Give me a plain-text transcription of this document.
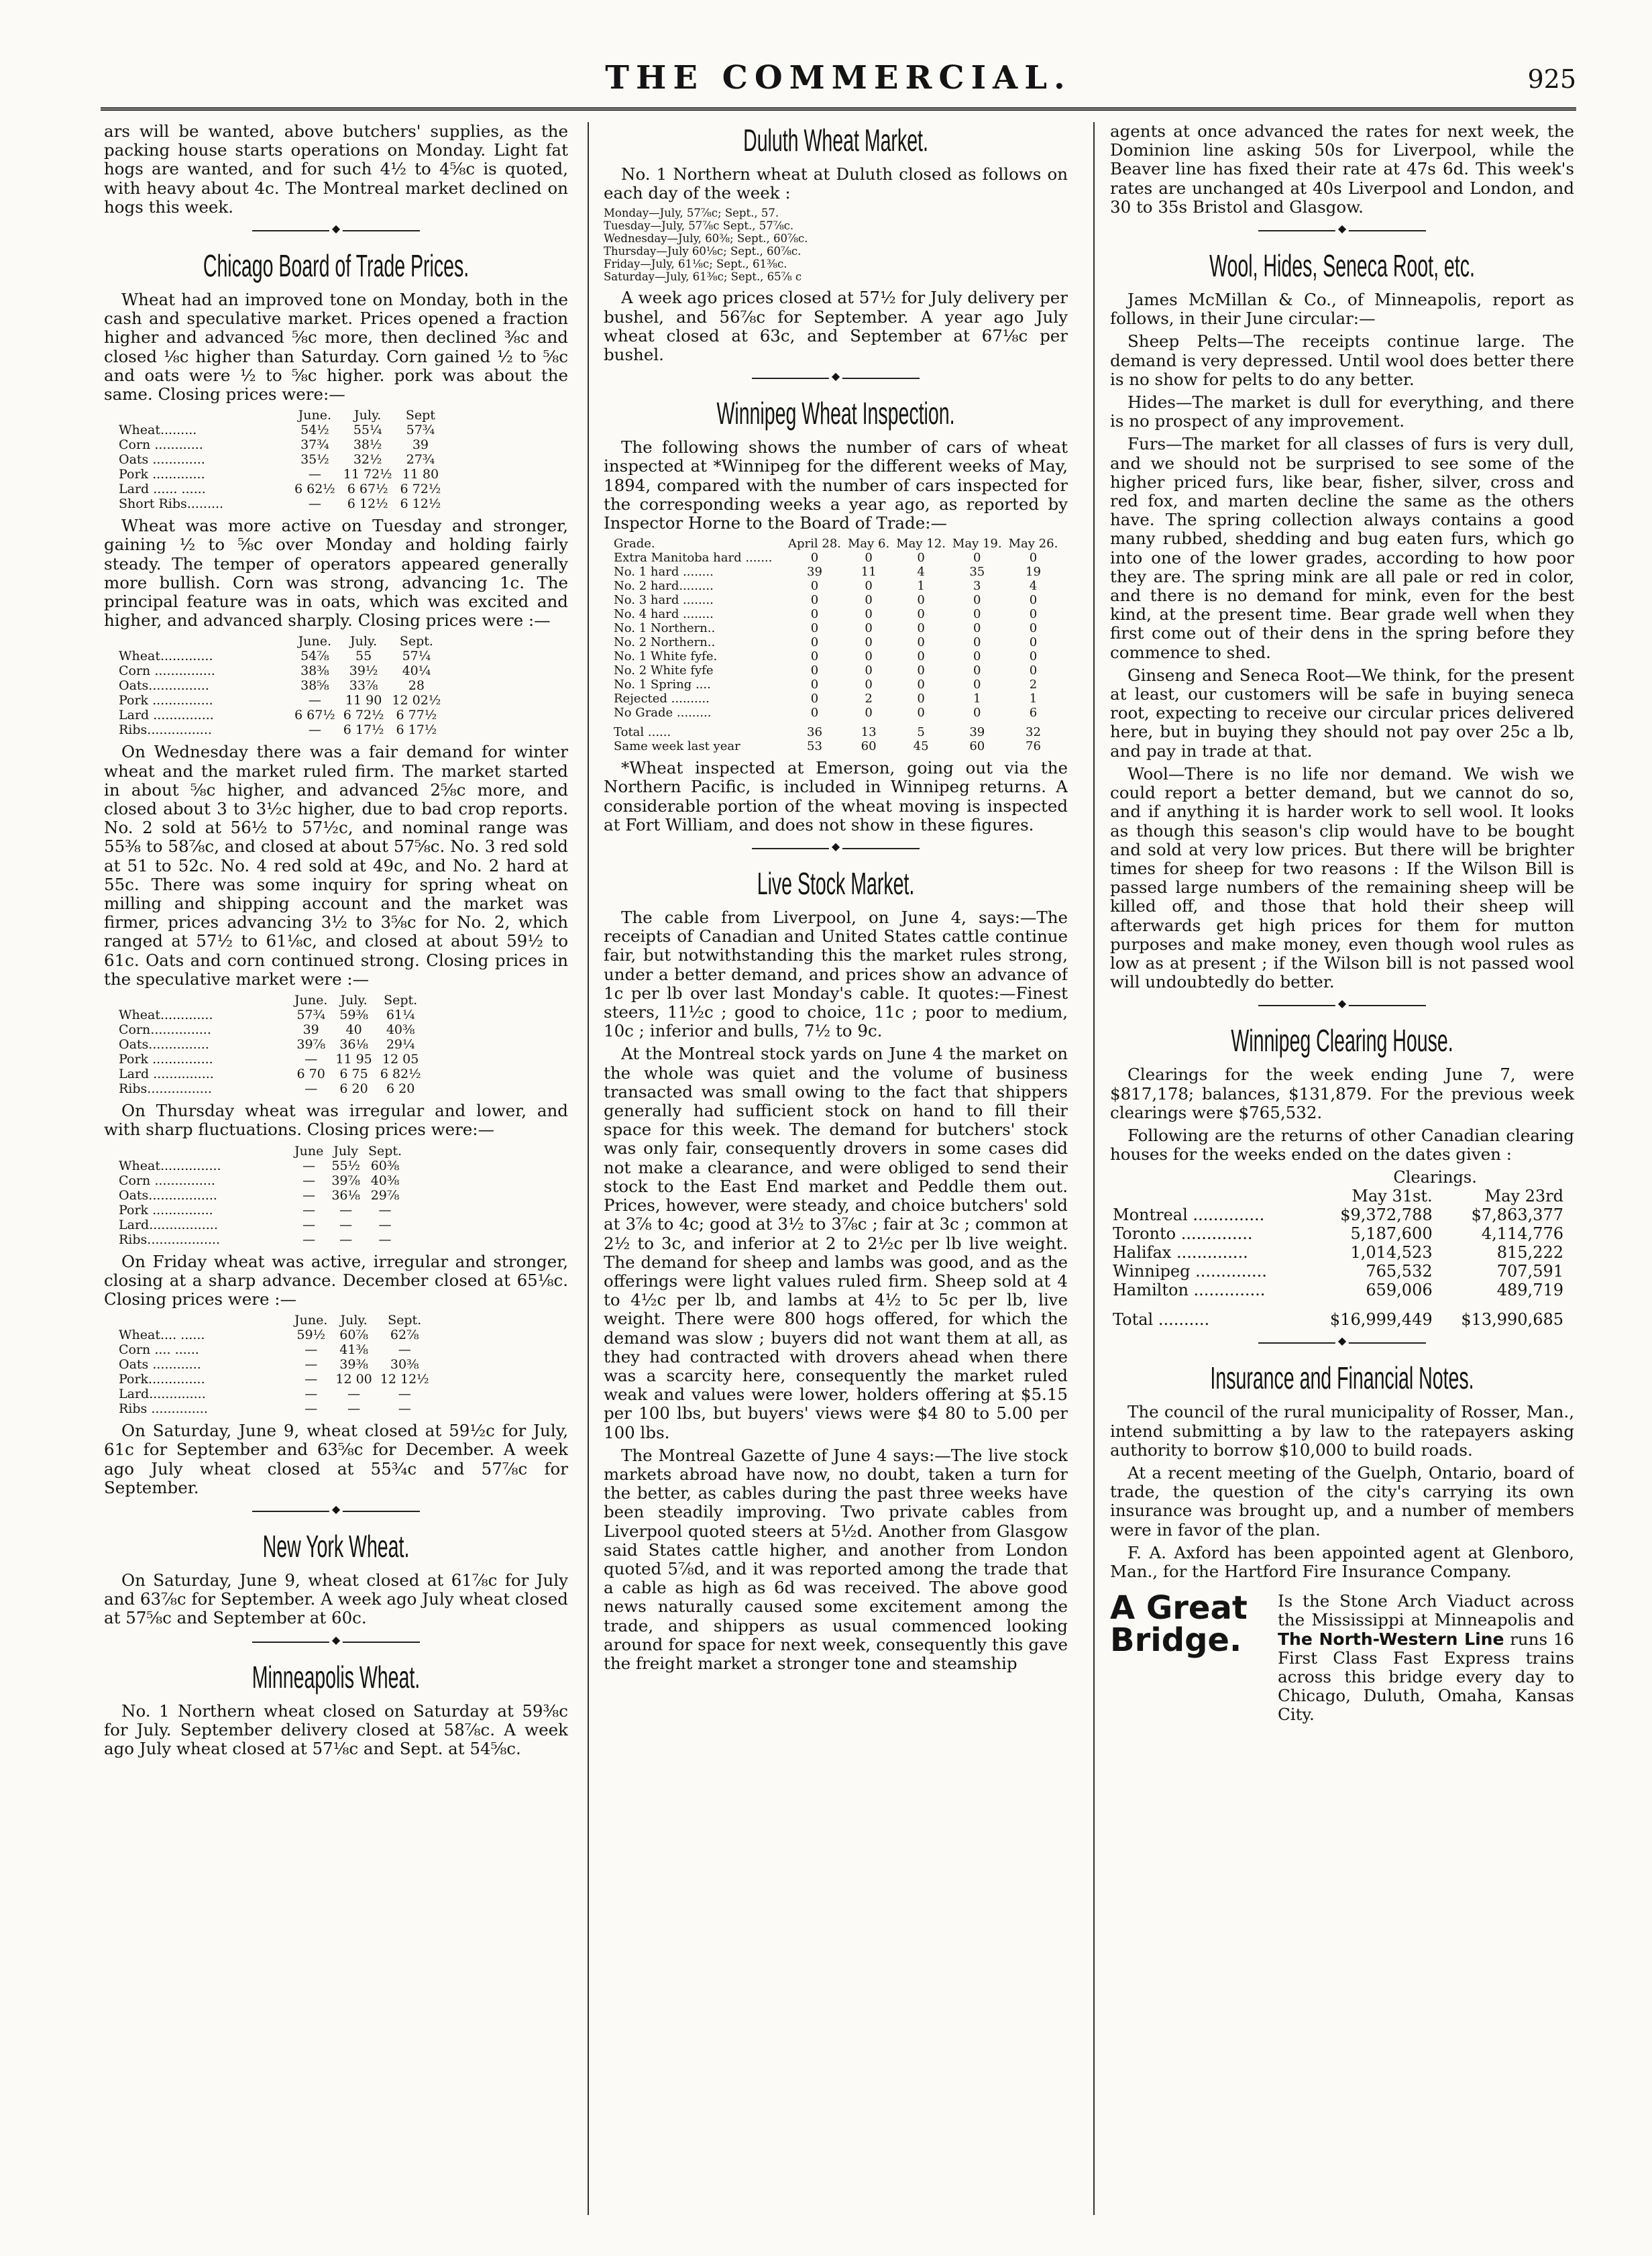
THE COMMERCIAL.	925

ars will be wanted, above butchers' supplies, as the packing house starts operations on Monday. Light fat hogs are wanted, and for such 4½ to 4⅝c is quoted, with heavy about 4c. The Montreal market declined on hogs this week.

◆
Chicago Board of Trade Prices.

Wheat had an improved tone on Monday, both in the cash and speculative market. Prices opened a fraction higher and advanced ⅝c more, then declined ⅜c and closed ⅛c higher than Saturday. Corn gained ½ to ⅝c and oats were ½ to ⅝c higher. pork was about the same. Closing prices were:—

	June.	July.	Sept
Wheat.........	54½	55¼	57¾
Corn ............	37¾	38½	39
Oats .............	35½	32½	27¾
Pork .............	—	11 72½	11 80
Lard ...... ......	6 62½	6 67½	6 72½
Short Ribs.........	—	6 12½	6 12½

Wheat was more active on Tuesday and stronger, gaining ½ to ⅝c over Monday and holding fairly steady. The temper of operators appeared generally more bullish. Corn was strong, advancing 1c. The principal feature was in oats, which was excited and higher, and advanced sharply. Closing prices were :—

	June.	July.	Sept.
Wheat.............	54⅞	55	57¼
Corn ...............	38⅜	39½	40¼
Oats...............	38⅝	33⅞	28
Pork ...............	—	11 90	12 02½
Lard ...............	6 67½	6 72½	6 77½
Ribs................	—	6 17½	6 17½

On Wednesday there was a fair demand for winter wheat and the market ruled firm. The market started in about ⅝c higher, and advanced 2⅝c more, and closed about 3 to 3½c higher, due to bad crop reports. No. 2 sold at 56½ to 57½c, and nominal range was 55⅜ to 58⅞c, and closed at about 57⅝c. No. 3 red sold at 51 to 52c. No. 4 red sold at 49c, and No. 2 hard at 55c. There was some inquiry for spring wheat on milling and shipping account and the market was firmer, prices advancing 3½ to 3⅝c for No. 2, which ranged at 57½ to 61⅛c, and closed at about 59½ to 61c. Oats and corn continued strong. Closing prices in the speculative market were :—

	June.	July.	Sept.
Wheat.............	57¾	59⅜	61¼
Corn...............	39	40	40⅜
Oats...............	39⅞	36⅛	29¼
Pork ...............	—	11 95	12 05
Lard ...............	6 70	6 75	6 82½
Ribs................	—	6 20	6 20

On Thursday wheat was irregular and lower, and with sharp fluctuations. Closing prices were:—

	June	July	Sept.
Wheat...............	—	55½	60⅜
Corn ...............	—	39⅞	40⅜
Oats.................	—	36⅛	29⅞
Pork ...............	—	—	—
Lard.................	—	—	—
Ribs..................	—	—	—

On Friday wheat was active, irregular and stronger, closing at a sharp advance. December closed at 65⅛c. Closing prices were :—

	June.	July.	Sept.
Wheat.... ......	59½	60⅞	62⅞
Corn .... ......	—	41⅜	—
Oats ............	—	39⅜	30⅜
Pork..............	—	12 00	12 12½
Lard..............	—	—	—
Ribs ..............	—	—	—

On Saturday, June 9, wheat closed at 59½c for July, 61c for September and 63⅝c for December. A week ago July wheat closed at 55¾c and 57⅞c for September.

◆
New York Wheat.

On Saturday, June 9, wheat closed at 61⅞c for July and 63⅞c for September. A week ago July wheat closed at 57⅝c and September at 60c.

◆
Minneapolis Wheat.

No. 1 Northern wheat closed on Saturday at 59⅜c for July. September delivery closed at 58⅞c. A week ago July wheat closed at 57⅛c and Sept. at 54⅝c.

Duluth Wheat Market.

No. 1 Northern wheat at Duluth closed as follows on each day of the week :

Monday—July, 57⅞c; Sept., 57.
Tuesday—July, 57⅞c Sept., 57⅞c.
Wednesday—July, 60⅜; Sept., 60⅞c.
Thursday—July 60⅛c; Sept., 60⅞c.
Friday—July, 61⅛c; Sept., 61⅜c.
Saturday—July, 61⅜c; Sept., 65⅞ c

A week ago prices closed at 57½ for July delivery per bushel, and 56⅞c for September. A year ago July wheat closed at 63c, and September at 67⅛c per bushel.

◆
Winnipeg Wheat Inspection.

The following shows the number of cars of wheat inspected at *Winnipeg for the different weeks of May, 1894, compared with the number of cars inspected for the corresponding weeks a year ago, as reported by Inspector Horne to the Board of Trade:—

Grade.	April 28.	May 6.	May 12.	May 19.	May 26.
Extra Manitoba hard .......	0	0	0	0	0
No. 1 hard ........	39	11	4	35	19
No. 2 hard.........	0	0	1	3	4
No. 3 hard ........	0	0	0	0	0
No. 4 hard ........	0	0	0	0	0
No. 1 Northern..	0	0	0	0	0
No. 2 Northern..	0	0	0	0	0
No. 1 White fyfe.	0	0	0	0	0
No. 2 White fyfe	0	0	0	0	0
No. 1 Spring ....	0	0	0	0	2
Rejected ..........	0	2	0	1	1
No Grade .........	0	0	0	0	6
Total ......	36	13	5	39	32
Same week last year	53	60	45	60	76

*Wheat inspected at Emerson, going out via the Northern Pacific, is included in Winnipeg returns. A considerable portion of the wheat moving is inspected at Fort William, and does not show in these figures.

◆
Live Stock Market.

The cable from Liverpool, on June 4, says:—The receipts of Canadian and United States cattle continue fair, but notwithstanding this the market rules strong, under a better demand, and prices show an advance of 1c per lb over last Monday's cable. It quotes:—Finest steers, 11½c ; good to choice, 11c ; poor to medium, 10c ; inferior and bulls, 7½ to 9c.

At the Montreal stock yards on June 4 the market on the whole was quiet and the volume of business transacted was small owing to the fact that shippers generally had sufficient stock on hand to fill their space for this week. The demand for butchers' stock was only fair, consequently drovers in some cases did not make a clearance, and were obliged to send their stock to the East End market and Peddle them out. Prices, however, were steady, and choice butchers' sold at 3⅞ to 4c; good at 3½ to 3⅞c ; fair at 3c ; common at 2½ to 3c, and inferior at 2 to 2½c per lb live weight. The demand for sheep and lambs was good, and as the offerings were light values ruled firm. Sheep sold at 4 to 4½c per lb, and lambs at 4½ to 5c per lb, live weight. There were 800 hogs offered, for which the demand was slow ; buyers did not want them at all, as they had contracted with drovers ahead when there was a scarcity here, consequently the market ruled weak and values were lower, holders offering at $5.15 per 100 lbs, but buyers' views were $4 80 to 5.00 per 100 lbs.

The Montreal Gazette of June 4 says:—The live stock markets abroad have now, no doubt, taken a turn for the better, as cables during the past three weeks have been steadily improving. Two private cables from Liverpool quoted steers at 5½d. Another from Glasgow said States cattle higher, and another from London quoted 5⅞d, and it was reported among the trade that a cable as high as 6d was received. The above good news naturally caused some excitement among the trade, and shippers as usual commenced looking around for space for next week, consequently this gave the freight market a stronger tone and steamship

agents at once advanced the rates for next week, the Dominion line asking 50s for Liverpool, while the Beaver line has fixed their rate at 47s 6d. This week's rates are unchanged at 40s Liverpool and London, and 30 to 35s Bristol and Glasgow.

◆
Wool, Hides, Seneca Root, etc.

James McMillan & Co., of Minneapolis, report as follows, in their June circular:—

Sheep Pelts—The receipts continue large. The demand is very depressed. Until wool does better there is no show for pelts to do any better.

Hides—The market is dull for everything, and there is no prospect of any improvement.

Furs—The market for all classes of furs is very dull, and we should not be surprised to see some of the higher priced furs, like bear, fisher, silver, cross and red fox, and marten decline the same as the others have. The spring collection always contains a good many rubbed, shedding and bug eaten furs, which go into one of the lower grades, according to how poor they are. The spring mink are all pale or red in color, and there is no demand for mink, even for the best kind, at the present time. Bear grade well when they first come out of their dens in the spring before they commence to shed.

Ginseng and Seneca Root—We think, for the present at least, our customers will be safe in buying seneca root, expecting to receive our circular prices delivered here, but in buying they should not pay over 25c a lb, and pay in trade at that.

Wool—There is no life nor demand. We wish we could report a better demand, but we cannot do so, and if anything it is harder work to sell wool. It looks as though this season's clip would have to be bought and sold at very low prices. But there will be brighter times for sheep for two reasons : If the Wilson Bill is passed large numbers of the remaining sheep will be killed off, and those that hold their sheep will afterwards get high prices for them for mutton purposes and make money, even though wool rules as low as at present ; if the Wilson bill is not passed wool will undoubtedly do better.

◆
Winnipeg Clearing House.

Clearings for the week ending June 7, were $817,178; balances, $131,879. For the previous week clearings were $765,532.

Following are the returns of other Canadian clearing houses for the weeks ended on the dates given :

	Clearings.	
	May 31st.	May 23rd
Montreal ..............	$9,372,788	$7,863,377
Toronto ..............	5,187,600	4,114,776
Halifax ..............	1,014,523	815,222
Winnipeg ..............	765,532	707,591
Hamilton ..............	659,006	489,719
Total ..........	$16,999,449	$13,990,685
◆
Insurance and Financial Notes.

The council of the rural municipality of Rosser, Man., intend submitting a by law to the ratepayers asking authority to borrow $10,000 to build roads.

At a recent meeting of the Guelph, Ontario, board of trade, the question of the city's carrying its own insurance was brought up, and a number of members were in favor of the plan.

F. A. Axford has been appointed agent at Glenboro, Man., for the Hartford Fire Insurance Company.

A Great
Bridge.
Is the Stone Arch Viaduct across the Mississippi at Minneapolis and The North-Western Line runs 16 First Class Fast Express trains across this bridge every day to Chicago, Duluth, Omaha, Kansas City.
